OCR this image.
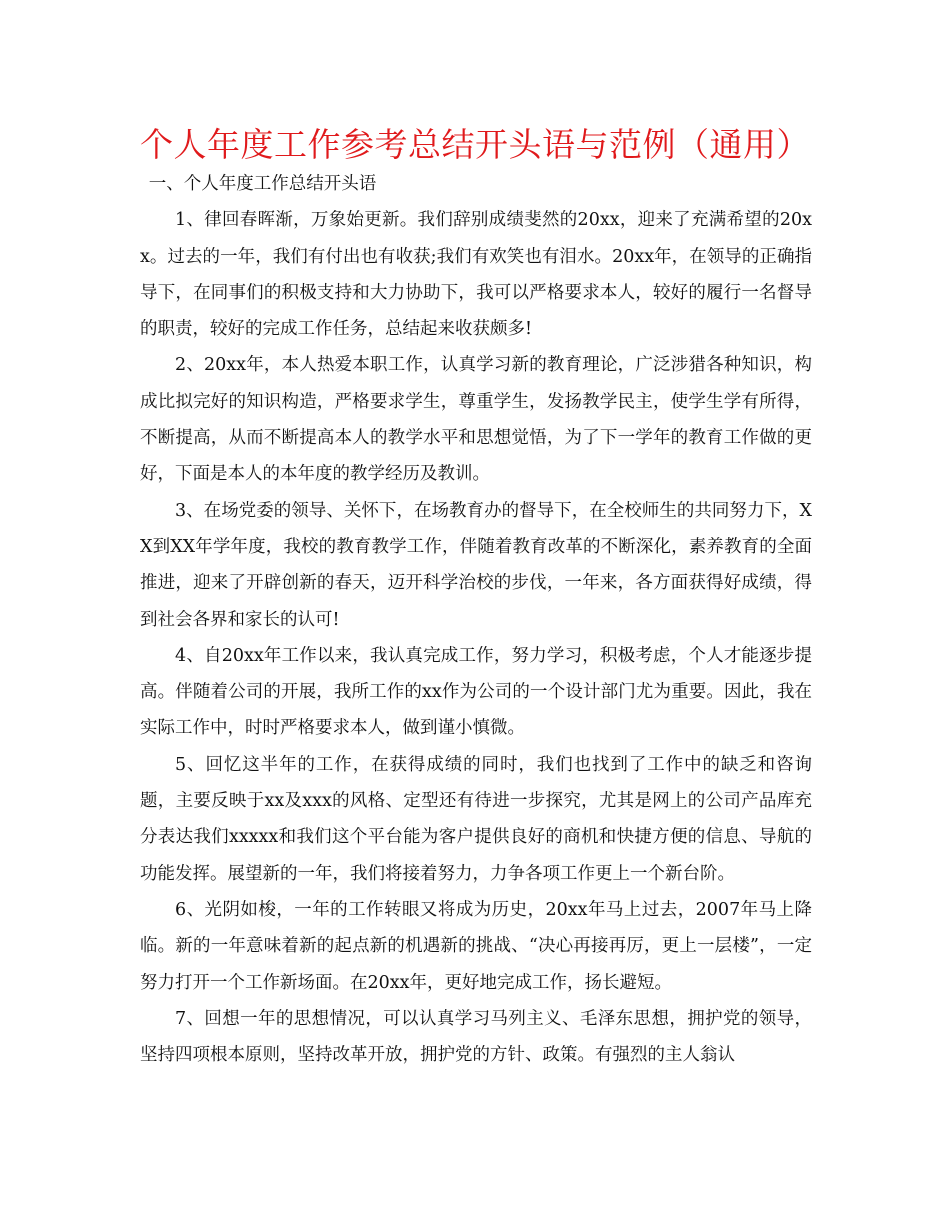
个人年度工作参考总结开头语与范例（通用）

一、个人年度工作总结开头语

1、律回春晖渐，万象始更新。我们辞别成绩斐然的20xx，迎来了充满希望的20xx。过去的一年，我们有付出也有收获;我们有欢笑也有泪水。20xx年，在领导的正确指导下，在同事们的积极支持和大力协助下，我可以严格要求本人，较好的履行一名督导的职责，较好的完成工作任务，总结起来收获颇多!

2、20xx年，本人热爱本职工作，认真学习新的教育理论，广泛涉猎各种知识，构成比拟完好的知识构造，严格要求学生，尊重学生，发扬教学民主，使学生学有所得，不断提高，从而不断提高本人的教学水平和思想觉悟，为了下一学年的教育工作做的更好，下面是本人的本年度的教学经历及教训。

3、在场党委的领导、关怀下，在场教育办的督导下，在全校师生的共同努力下，XX到XX年学年度，我校的教育教学工作，伴随着教育改革的不断深化，素养教育的全面推进，迎来了开辟创新的春天，迈开科学治校的步伐，一年来，各方面获得好成绩，得到社会各界和家长的认可!

4、自20xx年工作以来，我认真完成工作，努力学习，积极考虑，个人才能逐步提高。伴随着公司的开展，我所工作的xx作为公司的一个设计部门尤为重要。因此，我在实际工作中，时时严格要求本人，做到谨小慎微。

5、回忆这半年的工作，在获得成绩的同时，我们也找到了工作中的缺乏和咨询题，主要反映于xx及xxx的风格、定型还有待进一步探究，尤其是网上的公司产品库充分表达我们xxxxx和我们这个平台能为客户提供良好的商机和快捷方便的信息、导航的功能发挥。展望新的一年，我们将接着努力，力争各项工作更上一个新台阶。

6、光阴如梭，一年的工作转眼又将成为历史，20xx年马上过去，2007年马上降临。新的一年意味着新的起点新的机遇新的挑战、“决心再接再厉，更上一层楼”，一定努力打开一个工作新场面。在20xx年，更好地完成工作，扬长避短。

7、回想一年的思想情况，可以认真学习马列主义、毛泽东思想，拥护党的领导，坚持四项根本原则，坚持改革开放，拥护党的方针、政策。有强烈的主人翁认
